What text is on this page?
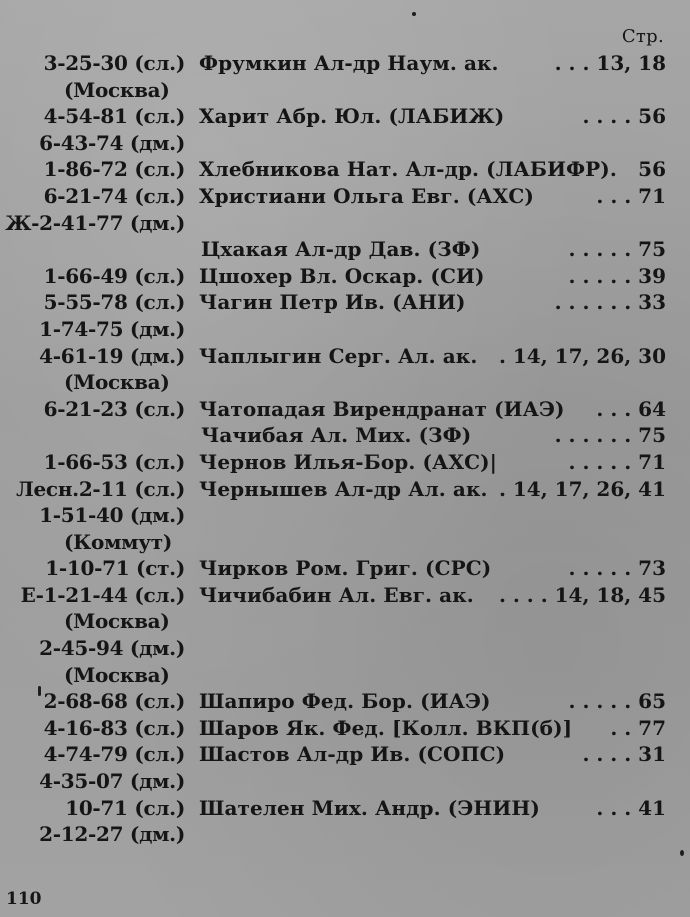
Стр.
3-25-30 (сл.) Фрумкин Ал-др Наум. ак.	. . . 13, 18
(Москва)
4-54-81 (сл.) Харит Абр. Юл. (ЛАБИЖ)	. . . . 56
6-43-74 (дм.)
1-86-72 (сл.) Хлебникова Нат. Ал-др. (ЛАБИФР). 56
6-21-74 (сл.) Христиани Ольга Евг. (АХС)	. . . 71
Ж-2-41-77 (дм.)
Цхакая Ал-др Дав. (ЗФ)	. . . . . 75
1-66-49 (сл.) Цшохер Вл. Оскар. (СИ)	. . . . . 39
5-55-78 (сл.) Чагин Петр Ив. (АНИ)	. . . . . . 33
1-74-75 (дм.)
4-61-19 (дм.) Чаплыгин Серг. Ал. ак. . 14, 17, 26, 30
(Москва)
6-21-23 (сл.) Чатопадая Вирендранат (ИАЭ) . . . 64
Чачибая Ал. Мих. (ЗФ)	. . . . . . 75
1-66-53 (сл.) Чернов Илья-Бор. (АХС)|	. . . . . 71
Лесн.2-11 (сл.) Чернышев Ал-др Ал. ак. . 14, 17, 26, 41
1-51-40 (дм.)
(Коммут)
1-10-71 (ст.) Чирков Ром. Григ. (СРС)	. . . . . 73
Е-1-21-44 (сл.) Чичибабин Ал. Евг. ак. . . . . 14, 18, 45
(Москва)
2-45-94 (дм.)
(Москва)
2-68-68 (сл.) Шапиро Фед. Бор. (ИАЭ)	. . . . . 65
4-16-83 (сл.) Шаров Як. Фед. [Колл. ВКП(б)] . . 77
4-74-79 (сл.) Шастов Ал-др Ив. (СОПС)	. . . . 31
4-35-07 (дм.)
10-71 (сл.) Шателен Мих. Андр. (ЭНИН)	. . . 41
2-12-27 (дм.)
110
